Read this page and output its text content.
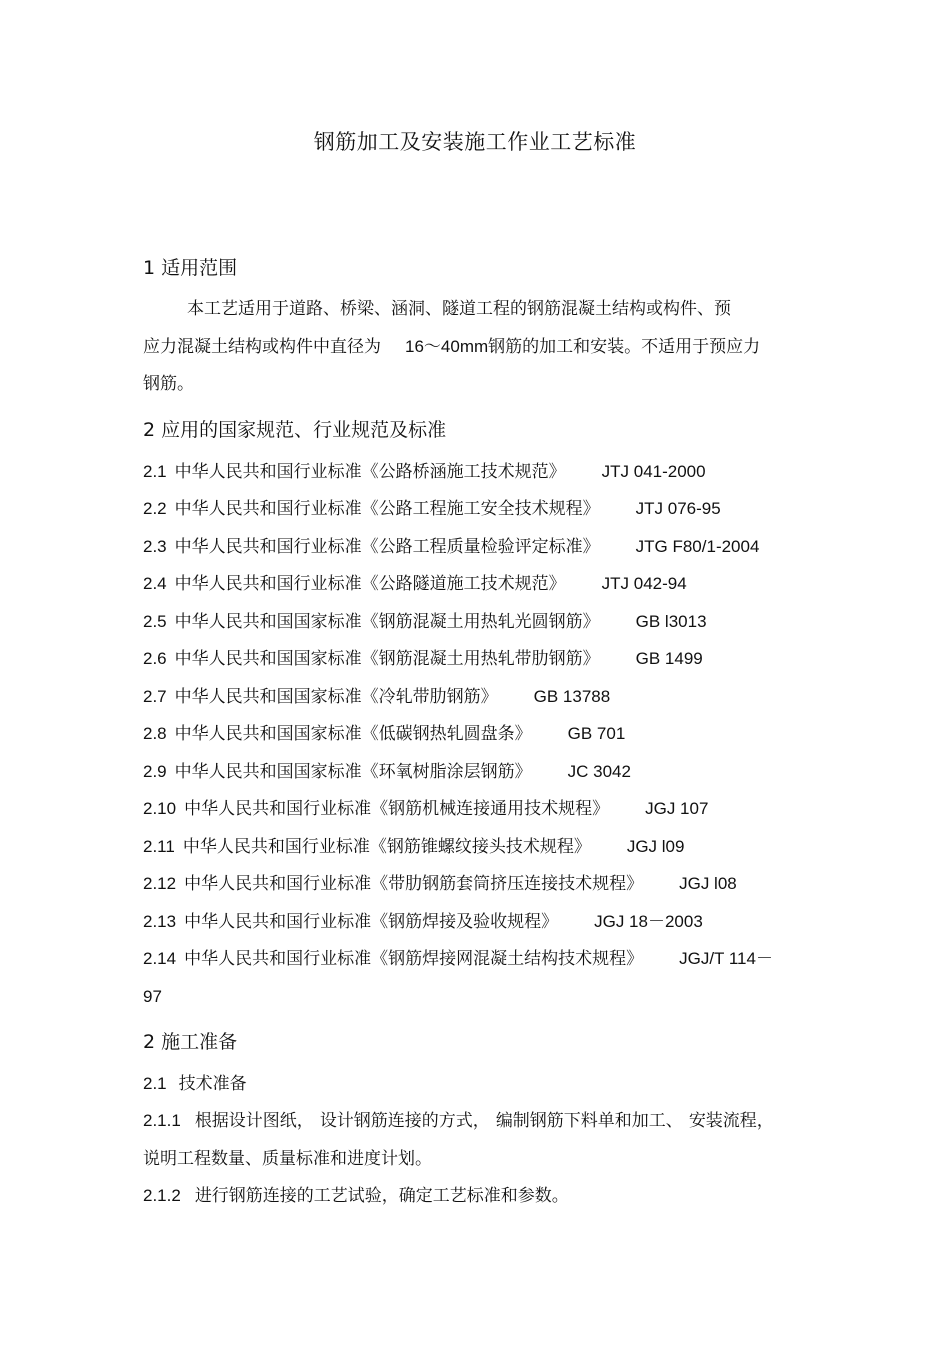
钢筋加工及安装施工作业工艺标准
1 适用范围
本工艺适用于道路、桥梁、涵洞、隧道工程的钢筋混凝土结构或构件、预
应力混凝土结构或构件中直径为 16～40mm钢筋的加工和安装。不适用于预应力
钢筋。
2 应用的国家规范、行业规范及标准
2.1 中华人民共和国行业标准《公路桥涵施工技术规范》 JTJ 041-2000
2.2 中华人民共和国行业标准《公路工程施工安全技术规程》 JTJ 076-95
2.3 中华人民共和国行业标准《公路工程质量检验评定标准》 JTG F80/1-2004
2.4 中华人民共和国行业标准《公路隧道施工技术规范》 JTJ 042-94
2.5 中华人民共和国国家标准《钢筋混凝土用热轧光圆钢筋》 GB l3013
2.6 中华人民共和国国家标准《钢筋混凝土用热轧带肋钢筋》 GB 1499
2.7 中华人民共和国国家标准《冷轧带肋钢筋》 GB 13788
2.8 中华人民共和国国家标准《低碳钢热轧圆盘条》 GB 701
2.9 中华人民共和国国家标准《环氧树脂涂层钢筋》 JC 3042
2.10 中华人民共和国行业标准《钢筋机械连接通用技术规程》 JGJ 107
2.11 中华人民共和国行业标准《钢筋锥螺纹接头技术规程》 JGJ l09
2.12 中华人民共和国行业标准《带肋钢筋套筒挤压连接技术规程》 JGJ l08
2.13 中华人民共和国行业标准《钢筋焊接及验收规程》 JGJ 18－2003
2.14 中华人民共和国行业标准《钢筋焊接网混凝土结构技术规程》 JGJ/T 114－
97
2 施工准备
2.1 技术准备
2.1.1 根据设计图纸， 设计钢筋连接的方式， 编制钢筋下料单和加工、 安装流程，
说明工程数量、质量标准和进度计划。
2.1.2 进行钢筋连接的工艺试验，确定工艺标准和参数。
